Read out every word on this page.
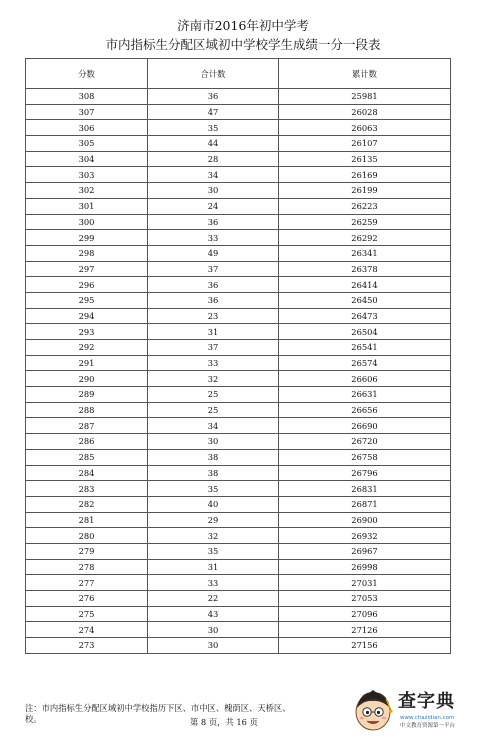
济南市2016年初中学考
市内指标生分配区域初中学校学生成绩一分一段表
分数	合计数	累计数
308	36	25981
307	47	26028
306	35	26063
305	44	26107
304	28	26135
303	34	26169
302	30	26199
301	24	26223
300	36	26259
299	33	26292
298	49	26341
297	37	26378
296	36	26414
295	36	26450
294	23	26473
293	31	26504
292	37	26541
291	33	26574
290	32	26606
289	25	26631
288	25	26656
287	34	26690
286	30	26720
285	38	26758
284	38	26796
283	35	26831
282	40	26871
281	29	26900
280	32	26932
279	35	26967
278	31	26998
277	33	27031
276	22	27053
275	43	27096
274	30	27126
273	30	27156
注：市内指标生分配区域初中学校指历下区、市中区、槐荫区、天桥区、
校。	第 8 页，共 16 页
查字典
www.chazidian.com
中文教育资源第一平台
